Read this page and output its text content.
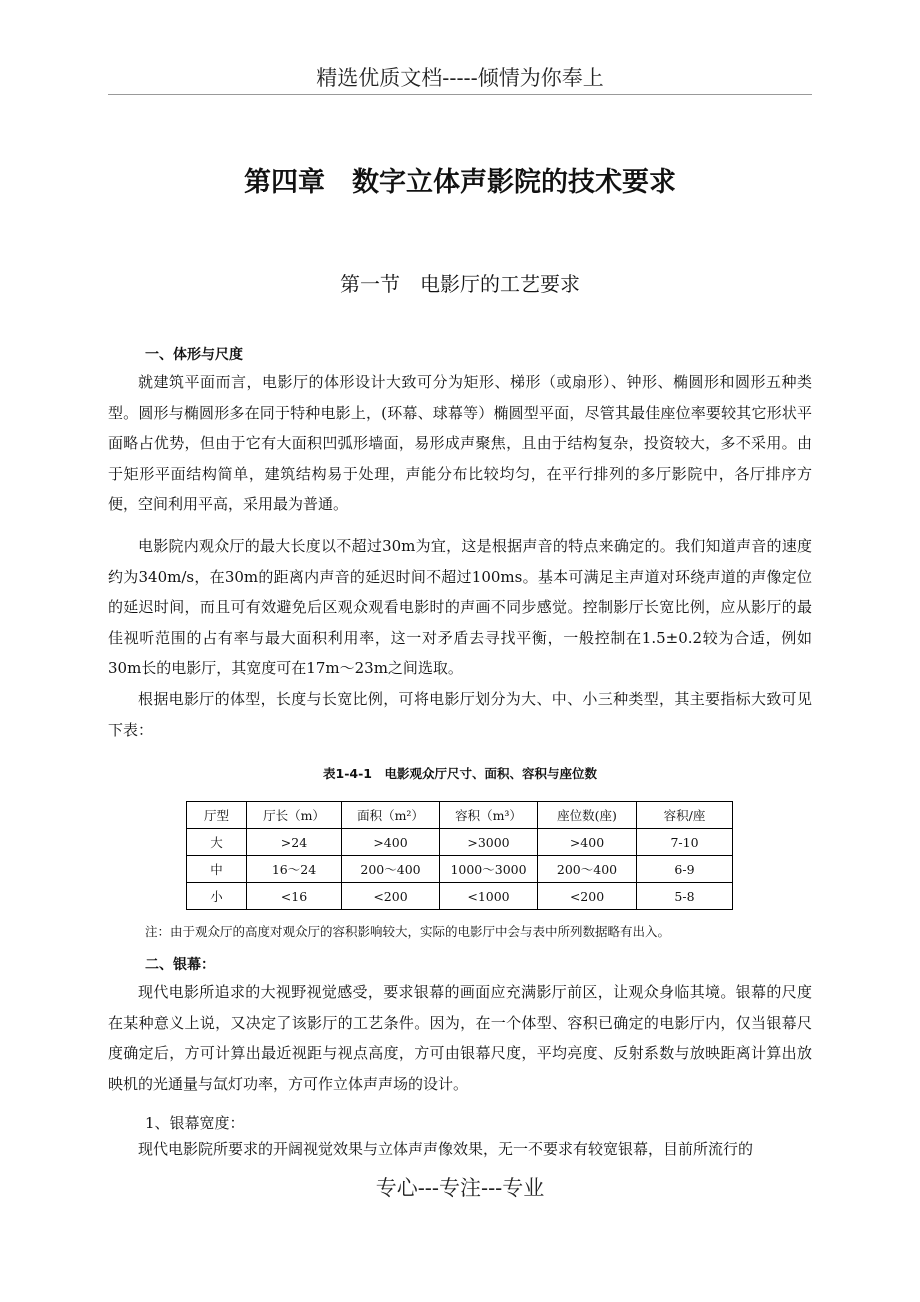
精选优质文档-----倾情为你奉上
第四章　数字立体声影院的技术要求
第一节　电影厅的工艺要求
一、体形与尺度

就建筑平面而言，电影厅的体形设计大致可分为矩形、梯形（或扇形）、钟形、椭圆形和圆形五种类型。圆形与椭圆形多在同于特种电影上，(环幕、球幕等）椭圆型平面，尽管其最佳座位率要较其它形状平面略占优势，但由于它有大面积凹弧形墙面，易形成声聚焦，且由于结构复杂，投资较大，多不采用。由于矩形平面结构简单，建筑结构易于处理，声能分布比较均匀，在平行排列的多厅影院中，各厅排序方便，空间利用平高，采用最为普通。

电影院内观众厅的最大长度以不超过30m为宜，这是根据声音的特点来确定的。我们知道声音的速度约为340m/s，在30m的距离内声音的延迟时间不超过100ms。基本可满足主声道对环绕声道的声像定位的延迟时间，而且可有效避免后区观众观看电影时的声画不同步感觉。控制影厅长宽比例，应从影厅的最佳视听范围的占有率与最大面积利用率，这一对矛盾去寻找平衡，一般控制在1.5±0.2较为合适，例如30m长的电影厅，其宽度可在17m～23m之间选取。

根据电影厅的体型，长度与长宽比例，可将电影厅划分为大、中、小三种类型，其主要指标大致可见下表：

表1-4-1　电影观众厅尺寸、面积、容积与座位数
厅型	厅长（m）	面积（m²）	容积（m³）	座位数(座)	容积/座
大	>24	>400	>3000	>400	7-10
中	16～24	200～400	1000～3000	200～400	6-9
小	<16	<200	<1000	<200	5-8
注：由于观众厅的高度对观众厅的容积影响较大，实际的电影厅中会与表中所列数据略有出入。
二、银幕：

现代电影所追求的大视野视觉感受，要求银幕的画面应充满影厅前区，让观众身临其境。银幕的尺度在某种意义上说，又决定了该影厅的工艺条件。因为，在一个体型、容积已确定的电影厅内，仅当银幕尺度确定后，方可计算出最近视距与视点高度，方可由银幕尺度，平均亮度、反射系数与放映距离计算出放映机的光通量与氙灯功率，方可作立体声声场的设计。

1、银幕宽度：

现代电影院所要求的开阔视觉效果与立体声声像效果，无一不要求有较宽银幕，目前所流行的

专心---专注---专业
